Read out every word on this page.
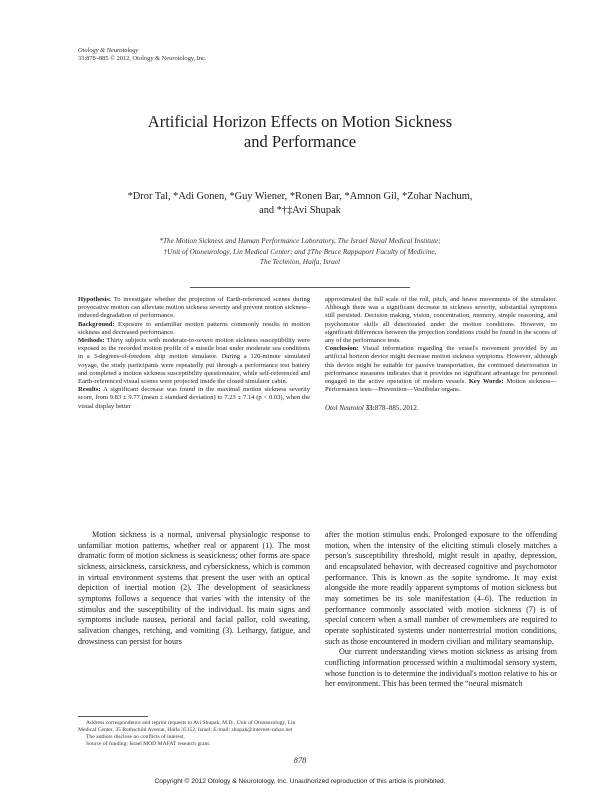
Otology & Neurotology
33:878–885 © 2012, Otology & Neurotology, Inc.
Artificial Horizon Effects on Motion Sickness
and Performance
*Dror Tal, *Adi Gonen, *Guy Wiener, *Ronen Bar, *Amnon Gil, *Zohar Nachum,
and *†‡Avi Shupak
*The Motion Sickness and Human Performance Laboratory, The Israel Naval Medical Institute;
†Unit of Otoneurology, Lin Medical Center; and ‡The Bruce Rappaport Faculty of Medicine,
The Technion, Haifa, Israel

Hypothesis: To investigate whether the projection of Earth-referenced scenes during provocative motion can alleviate motion sickness severity and prevent motion sickness–induced degradation of performance.

Background: Exposure to unfamiliar motion patterns commonly results in motion sickness and decreased performance.

Methods: Thirty subjects with moderate-to-severe motion sickness susceptibility were exposed to the recorded motion profile of a missile boat under moderate sea conditions in a 3-degrees-of-freedom ship motion simulator. During a 120-minute simulated voyage, the study participants were repeatedly put through a performance test battery and completed a motion sickness susceptibility questionnaire, while self-referenced and Earth-referenced visual scenes were projected inside the closed simulator cabin.

Results: A significant decrease was found in the maximal motion sickness severity score, from 9.83 ± 9.77 (mean ± standard deviation) to 7.23 ± 7.14 (p < 0.03), when the visual display better

approximated the full scale of the roll, pitch, and heave movements of the simulator. Although there was a significant decrease in sickness severity, substantial symptoms still persisted. Decision making, vision, concentration, memory, simple reasoning, and psychomotor skills all deteriorated under the motion conditions. However, no significant differences between the projection conditions could be found in the scores of any of the performance tests.

Conclusion: Visual information regarding the vessel's movement provided by an artificial horizon device might decrease motion sickness symptoms. However, although this device might be suitable for passive transportation, the continued deterioration in performance measures indicates that it provides no significant advantage for personnel engaged in the active operation of modern vessels. Key Words: Motion sickness—Performance tests—Prevention—Vestibular organs.

Otol Neurotol 33:878–885, 2012.

Motion sickness is a normal, universal physiologic response to unfamiliar motion patterns, whether real or apparent (1). The most dramatic form of motion sickness is seasickness; other forms are space sickness, airsickness, carsickness, and cybersickness, which is common in virtual environment systems that present the user with an optical depiction of inertial motion (2). The development of seasickness symptoms follows a sequence that varies with the intensity of the stimulus and the susceptibility of the individual. Its main signs and symptoms include nausea, perioral and facial pallor, cold sweating, salivation changes, retching, and vomiting (3). Lethargy, fatigue, and drowsiness can persist for hours

after the motion stimulus ends. Prolonged exposure to the offending motion, when the intensity of the eliciting stimuli closely matches a person's susceptibility threshold, might result in apathy, depression, and encapsulated behavior, with decreased cognitive and psychomotor performance. This is known as the sopite syndrome. It may exist alongside the more readily apparent symptoms of motion sickness but may sometimes be its sole manifestation (4–6). The reduction in performance commonly associated with motion sickness (7) is of special concern when a small number of crewmembers are required to operate sophisticated systems under nonterrestrial motion conditions, such as those encountered in modern civilian and military seamanship.

Our current understanding views motion sickness as arising from conflicting information processed within a multimodal sensory system, whose function is to determine the individual's motion relative to his or her environment. This has been termed the “neural mismatch

Address correspondence and reprint requests to Avi Shupak, M.D., Unit of Otoneurology, Lin Medical Center, 35 Rothschild Avenue, Haifa 35152, Israel; E-mail: shupak@internet-zahav.net

The authors disclose no conflicts of interest.

Source of funding: Israel MOD MAFAT research grant.

878
Copyright © 2012 Otology & Neurotology, Inc. Unauthorized reproduction of this article is prohibited.
